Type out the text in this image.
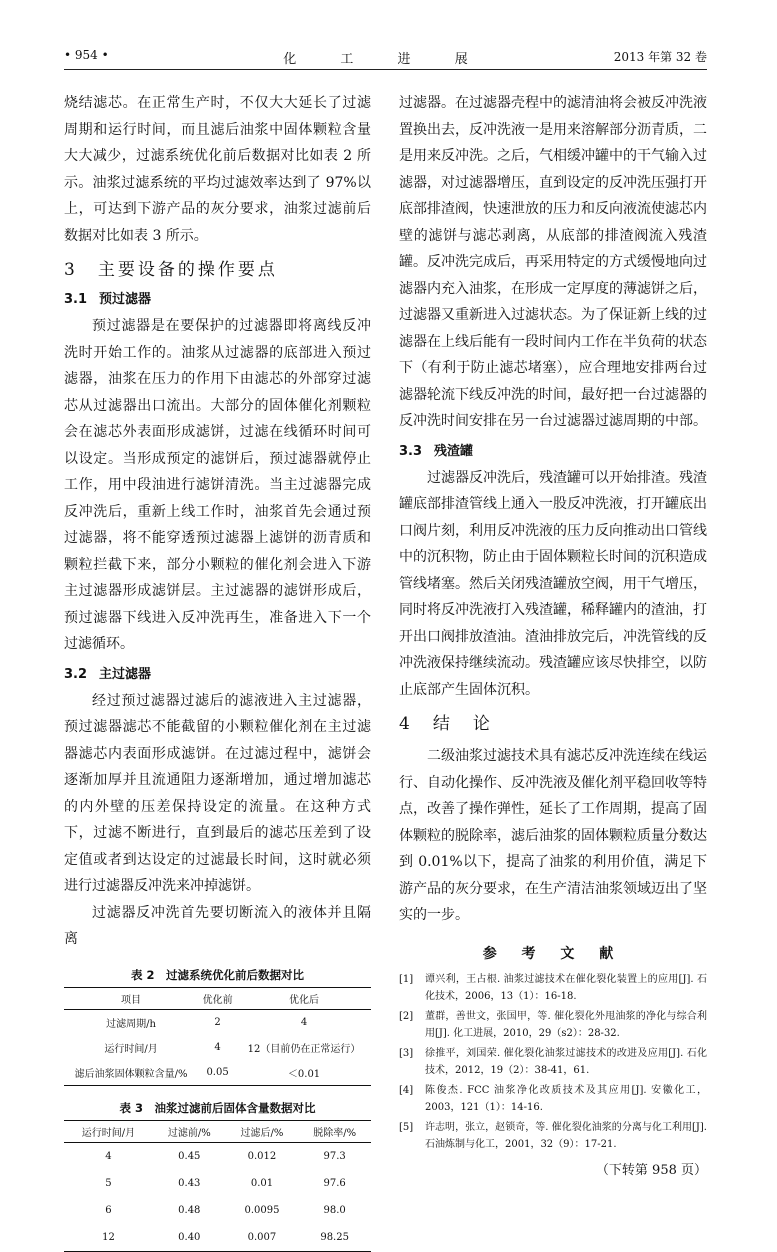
• 954 •	化 工 进 展	2013 年第 32 卷

烧结滤芯。在正常生产时，不仅大大延长了过滤周期和运行时间，而且滤后油浆中固体颗粒含量大大减少，过滤系统优化前后数据对比如表 2 所示。油浆过滤系统的平均过滤效率达到了 97%以上，可达到下游产品的灰分要求，油浆过滤前后数据对比如表 3 所示。

3　 主要设备的操作要点
3.1 预过滤器

预过滤器是在要保护的过滤器即将离线反冲洗时开始工作的。油浆从过滤器的底部进入预过滤器，油浆在压力的作用下由滤芯的外部穿过滤芯从过滤器出口流出。大部分的固体催化剂颗粒会在滤芯外表面形成滤饼，过滤在线循环时间可以设定。当形成预定的滤饼后，预过滤器就停止工作，用中段油进行滤饼清洗。当主过滤器完成反冲洗后，重新上线工作时，油浆首先会通过预过滤器，将不能穿透预过滤器上滤饼的沥青质和颗粒拦截下来，部分小颗粒的催化剂会进入下游主过滤器形成滤饼层。主过滤器的滤饼形成后，预过滤器下线进入反冲洗再生，准备进入下一个过滤循环。

3.2 主过滤器

经过预过滤器过滤后的滤液进入主过滤器，预过滤器滤芯不能截留的小颗粒催化剂在主过滤器滤芯内表面形成滤饼。在过滤过程中，滤饼会逐渐加厚并且流通阻力逐渐增加，通过增加滤芯的内外壁的压差保持设定的流量。在这种方式下，过滤不断进行，直到最后的滤芯压差到了设定值或者到达设定的过滤最长时间，这时就必须进行过滤器反冲洗来冲掉滤饼。

过滤器反冲洗首先要切断流入的液体并且隔离

表 2　过滤系统优化前后数据对比
项目	优化前	优化后
过滤周期/h	2	4
运行时间/月	4	12（目前仍在正常运行）
滤后油浆固体颗粒含量/%	0.05	＜0.01
表 3　油浆过滤前后固体含量数据对比
运行时间/月	过滤前/%	过滤后/%	脱除率/%
4	0.45	0.012	97.3
5	0.43	0.01	97.6
6	0.48	0.0095	98.0
12	0.40	0.007	98.25

过滤器。在过滤器壳程中的滤清油将会被反冲洗液置换出去，反冲洗液一是用来溶解部分沥青质，二是用来反冲洗。之后，气相缓冲罐中的干气输入过滤器，对过滤器增压，直到设定的反冲洗压强打开底部排渣阀，快速泄放的压力和反向液流使滤芯内壁的滤饼与滤芯剥离，从底部的排渣阀流入残渣罐。反冲洗完成后，再采用特定的方式缓慢地向过滤器内充入油浆，在形成一定厚度的薄滤饼之后，过滤器又重新进入过滤状态。为了保证新上线的过滤器在上线后能有一段时间内工作在半负荷的状态下（有利于防止滤芯堵塞），应合理地安排两台过滤器轮流下线反冲洗的时间，最好把一台过滤器的反冲洗时间安排在另一台过滤器过滤周期的中部。

3.3 残渣罐

过滤器反冲洗后，残渣罐可以开始排渣。残渣罐底部排渣管线上通入一股反冲洗液，打开罐底出口阀片刻，利用反冲洗液的压力反向推动出口管线中的沉积物，防止由于固体颗粒长时间的沉积造成管线堵塞。然后关闭残渣罐放空阀，用干气增压，同时将反冲洗液打入残渣罐，稀释罐内的渣油，打开出口阀排放渣油。渣油排放完后，冲洗管线的反冲洗液保持继续流动。残渣罐应该尽快排空，以防止底部产生固体沉积。

4　 结　论

二级油浆过滤技术具有滤芯反冲洗连续在线运行、自动化操作、反冲洗液及催化剂平稳回收等特点，改善了操作弹性，延长了工作周期，提高了固体颗粒的脱除率，滤后油浆的固体颗粒质量分数达到 0.01%以下，提高了油浆的利用价值，满足下游产品的灰分要求，在生产清洁油浆领域迈出了坚实的一步。

参 考 文 献
[1]	谭兴利，王占根. 油浆过滤技术在催化裂化装置上的应用[J]. 石化技术，2006，13（1）：16-18.
[2]	董群，善世文，张国甲，等. 催化裂化外甩油浆的净化与综合利用[J]. 化工进展，2010，29（s2）：28-32.
[3]	徐推平，刘国荣. 催化裂化油浆过滤技术的改进及应用[J]. 石化技术，2012，19（2）：38-41，61.
[4]	陈俊杰. FCC 油浆净化改质技术及其应用[J]. 安徽化工，2003，121（1）：14-16.
[5]	许志明，张立，赵锁奇，等. 催化裂化油浆的分离与化工利用[J]. 石油炼制与化工，2001，32（9）：17-21.
（下转第 958 页）
